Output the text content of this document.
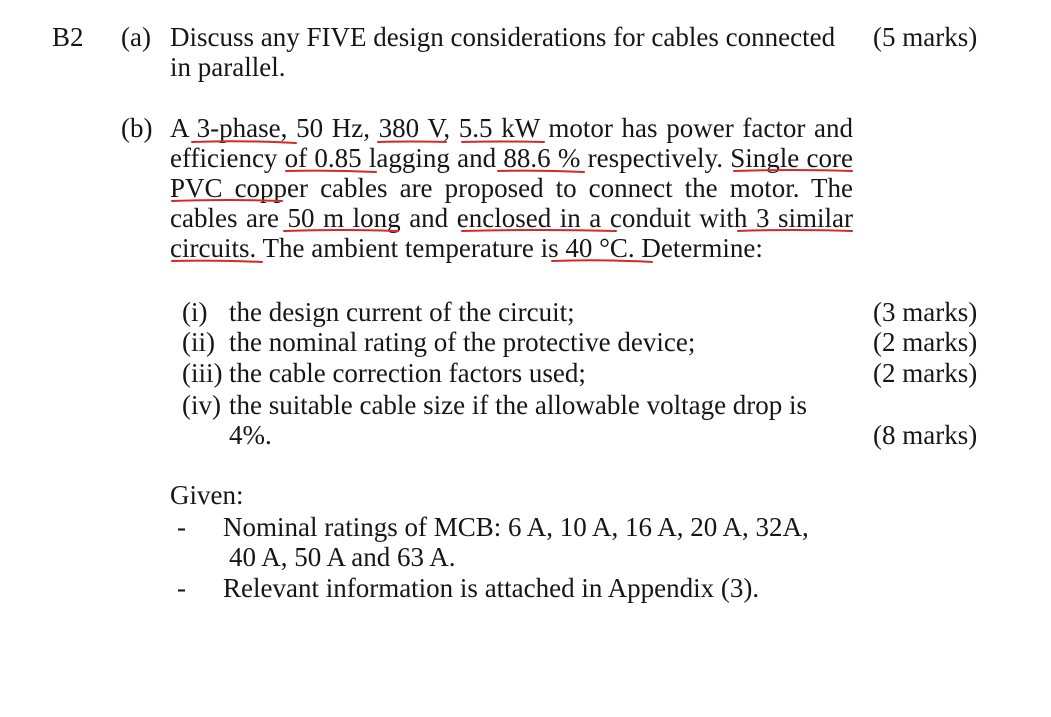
B2 (a) Discuss any FIVE design considerations for cables connected
in parallel.
(5 marks)
(b) A 3-phase, 50 Hz, 380 V, 5.5 kW motor has power factor and
efficiency of 0.85 lagging and 88.6 % respectively. Single core
PVC copper cables are proposed to connect the motor. The
cables are 50 m long and enclosed in a conduit with 3 similar
circuits. The ambient temperature is 40 °C. Determine:
(i) the design current of the circuit;	(3 marks)
(ii) the nominal rating of the protective device;	(2 marks)
(iii) the cable correction factors used;	(2 marks)
(iv) the suitable cable size if the allowable voltage drop is
4%.	(8 marks)
Given:
- Nominal ratings of MCB: 6 A, 10 A, 16 A, 20 A, 32A,
40 A, 50 A and 63 A.
- Relevant information is attached in Appendix (3).
